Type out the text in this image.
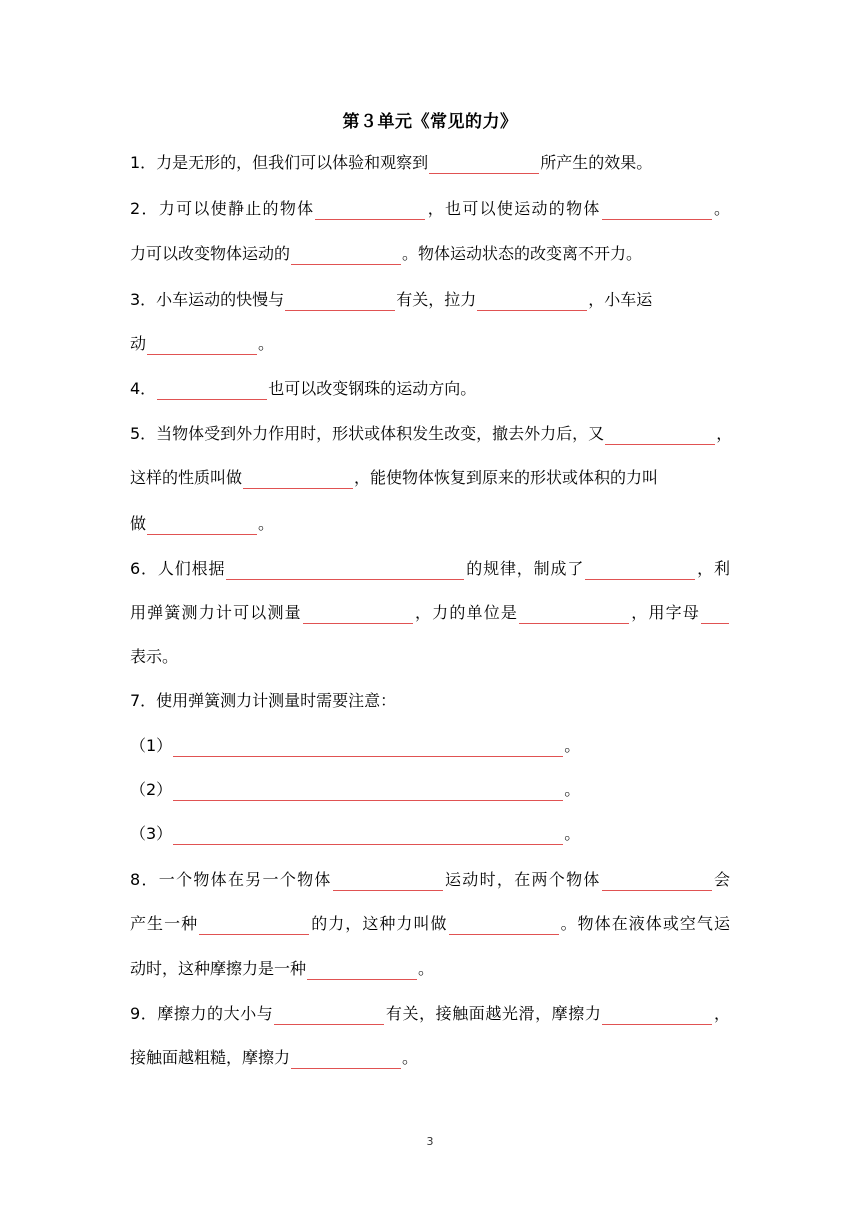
第３单元《常见的力》
1．力是无形的，但我们可以体验和观察到	所产生的效果。
2．力可以使静止的物体	，也可以使运动的物体	。
力可以改变物体运动的	。物体运动状态的改变离不开力。
3．小车运动的快慢与	有关，拉力	，小车运
动	。
4．	也可以改变钢珠的运动方向。
5．当物体受到外力作用时，形状或体积发生改变，撤去外力后，又	，
这样的性质叫做	，能使物体恢复到原来的形状或体积的力叫
做	。
6．人们根据	的规律，制成了	，利
用弹簧测力计可以测量	，力的单位是	，用字母
表示。
7．使用弹簧测力计测量时需要注意：
（1）	。
（2）	。
（3）	。
8．一个物体在另一个物体	运动时，在两个物体	会
产生一种	的力，这种力叫做	。物体在液体或空气运
动时，这种摩擦力是一种	。
9．摩擦力的大小与	有关，接触面越光滑，摩擦力	，
接触面越粗糙，摩擦力	。
3
